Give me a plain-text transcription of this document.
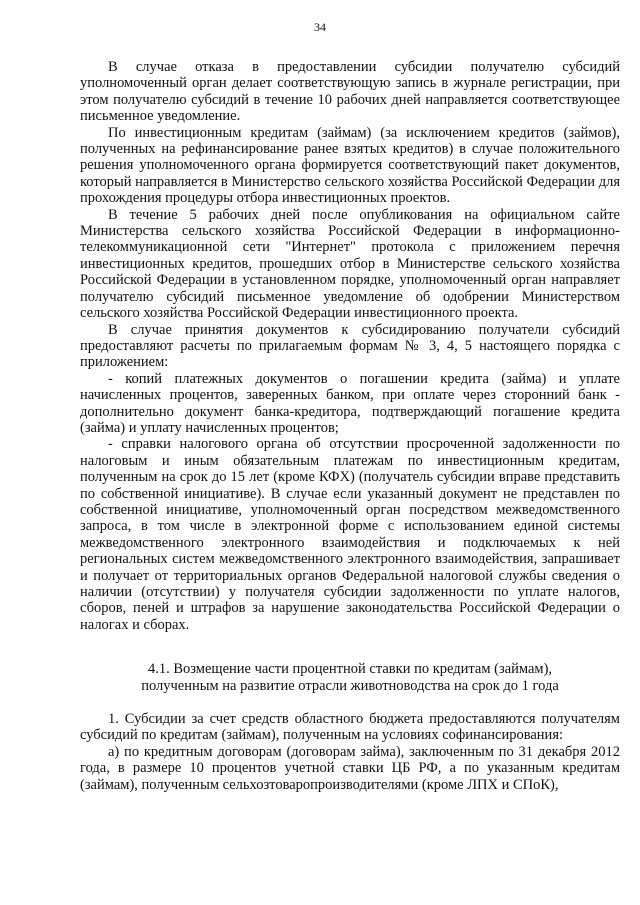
34

В случае отказа в предоставлении субсидии получателю субсидий уполномоченный орган делает соответствующую запись в журнале регистрации, при этом получателю субсидий в течение 10 рабочих дней направляется соответствующее письменное уведомление.

По инвестиционным кредитам (займам) (за исключением кредитов (займов), полученных на рефинансирование ранее взятых кредитов) в случае положительного решения уполномоченного органа формируется соответствующий пакет документов, который направляется в Министерство сельского хозяйства Российской Федерации для прохождения процедуры отбора инвестиционных проектов.

В течение 5 рабочих дней после опубликования на официальном сайте Министерства сельского хозяйства Российской Федерации в информационно-телекоммуникационной сети "Интернет" протокола с приложением перечня инвестиционных кредитов, прошедших отбор в Министерстве сельского хозяйства Российской Федерации в установленном порядке, уполномоченный орган направляет получателю субсидий письменное уведомление об одобрении Министерством сельского хозяйства Российской Федерации инвестиционного проекта.

В случае принятия документов к субсидированию получатели субсидий предоставляют расчеты по прилагаемым формам № 3, 4, 5 настоящего порядка с приложением:

- копий платежных документов о погашении кредита (займа) и уплате начисленных процентов, заверенных банком, при оплате через сторонний банк - дополнительно документ банка-кредитора, подтверждающий погашение кредита (займа) и уплату начисленных процентов;

- справки налогового органа об отсутствии просроченной задолженности по налоговым и иным обязательным платежам по инвестиционным кредитам, полученным на срок до 15 лет (кроме КФХ) (получатель субсидии вправе представить по собственной инициативе). В случае если указанный документ не представлен по собственной инициативе, уполномоченный орган посредством межведомственного запроса, в том числе в электронной форме с использованием единой системы межведомственного электронного взаимодействия и подключаемых к ней региональных систем межведомственного электронного взаимодействия, запрашивает и получает от территориальных органов Федеральной налоговой службы сведения о наличии (отсутствии) у получателя субсидии задолженности по уплате налогов, сборов, пеней и штрафов за нарушение законодательства Российской Федерации о налогах и сборах.

4.1. Возмещение части процентной ставки по кредитам (займам),
полученным на развитие отрасли животноводства на срок до 1 года

1. Субсидии за счет средств областного бюджета предоставляются получателям субсидий по кредитам (займам), полученным на условиях софинансирования:

а) по кредитным договорам (договорам займа), заключенным по 31 декабря 2012 года, в размере 10 процентов учетной ставки ЦБ РФ, а по указанным кредитам (займам), полученным сельхозтоваропроизводителями (кроме ЛПХ и СПоК),
